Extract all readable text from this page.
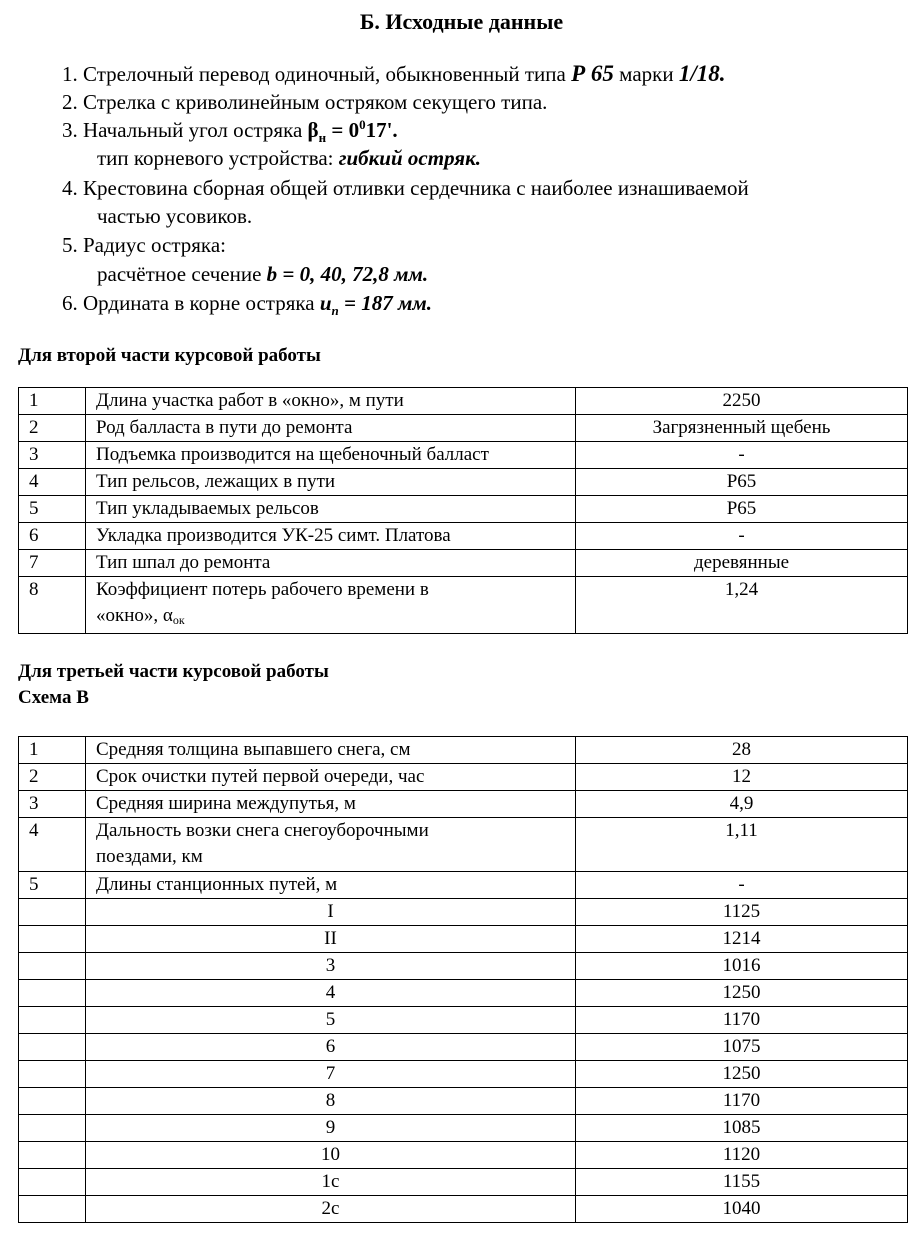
Б. Исходные данные
1. Стрелочный перевод одиночный, обыкновенный типа Р 65 марки 1/18.
2. Стрелка с криволинейным остряком секущего типа.
3. Начальный угол остряка $\beta_н = 0^017'$.
тип корневого устройства: гибкий остряк.
4. Крестовина сборная общей отливки сердечника с наиболее изнашиваемой
частью усовиков.
5. Радиус остряка:
расчётное сечение b = 0, 40, 72,8 мм.
6. Ордината в корне остряка $u_п = 187$ мм.
Для второй части курсовой работы
1	Длина участка работ в «окно», м пути	2250
2	Род балласта в пути до ремонта	Загрязненный щебень
3	Подъемка производится на щебеночный балласт	-
4	Тип рельсов, лежащих в пути	Р65
5	Тип укладываемых рельсов	Р65
6	Укладка производится УК-25 симт. Платова	-
7	Тип шпал до ремонта	деревянные
8	Коэффициент потерь рабочего времени в
«окно», αок	1,24
Для третьей части курсовой работы
Схема В
1	Средняя толщина выпавшего снега, см	28
2	Срок очистки путей первой очереди, час	12
3	Средняя ширина междупутья, м	4,9
4	Дальность возки снега снегоуборочными
поездами, км	1,11
5	Длины станционных путей, м	-
	I	1125
	II	1214
	3	1016
	4	1250
	5	1170
	6	1075
	7	1250
	8	1170
	9	1085
	10	1120
	1с	1155
	2с	1040
